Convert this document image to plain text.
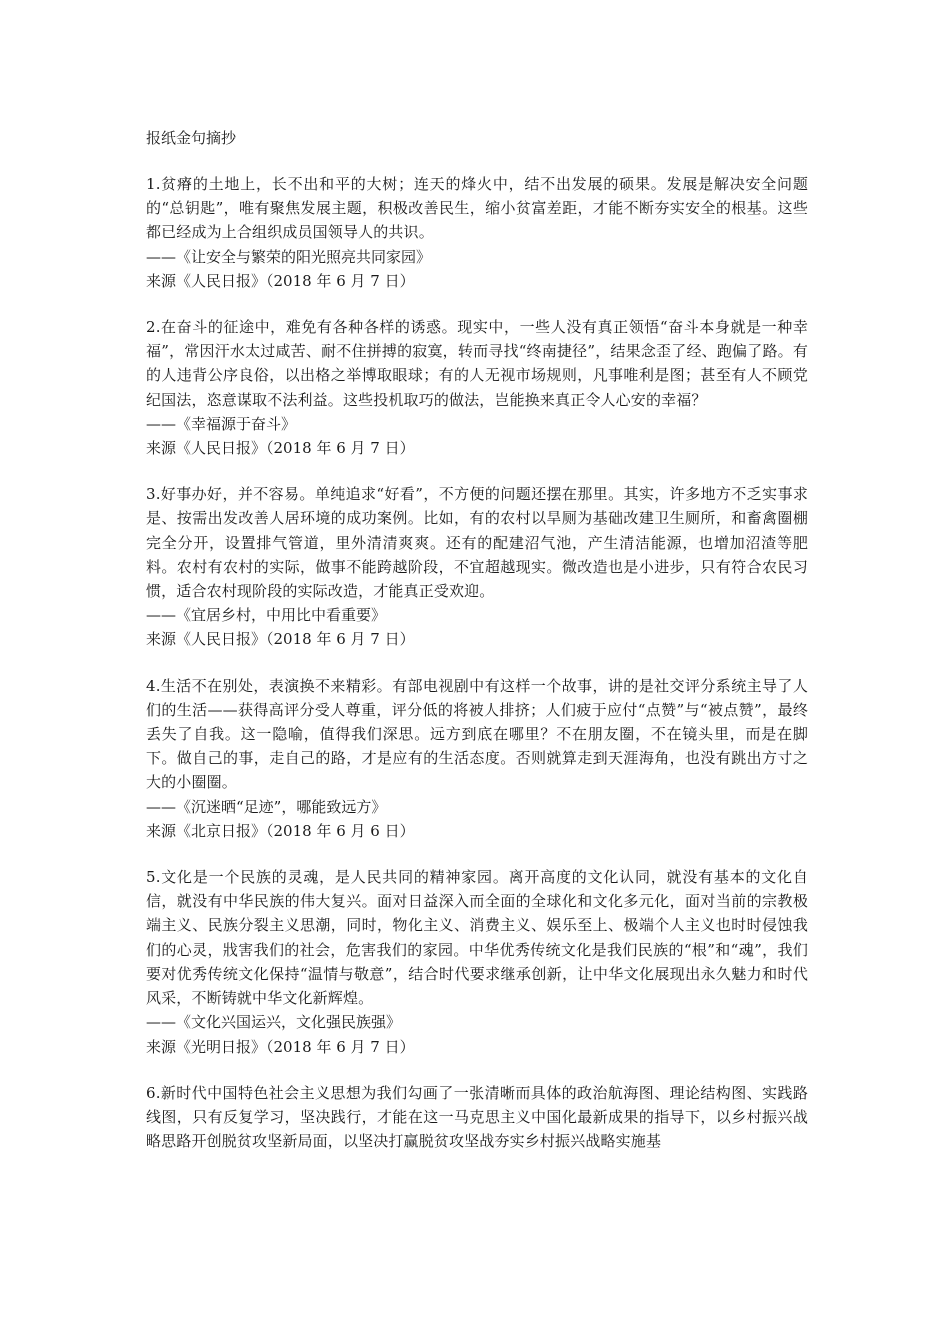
报纸金句摘抄

1.贫瘠的土地上，长不出和平的大树；连天的烽火中，结不出发展的硕果。发展是解决安全问题的“总钥匙”，唯有聚焦发展主题，积极改善民生，缩小贫富差距，才能不断夯实安全的根基。这些都已经成为上合组织成员国领导人的共识。

——《让安全与繁荣的阳光照亮共同家园》

来源《人民日报》（2018 年 6 月 7 日）

2.在奋斗的征途中，难免有各种各样的诱惑。现实中，一些人没有真正领悟“奋斗本身就是一种幸福”，常因汗水太过咸苦、耐不住拼搏的寂寞，转而寻找“终南捷径”，结果念歪了经、跑偏了路。有的人违背公序良俗，以出格之举博取眼球；有的人无视市场规则，凡事唯利是图；甚至有人不顾党纪国法，恣意谋取不法利益。这些投机取巧的做法，岂能换来真正令人心安的幸福？

——《幸福源于奋斗》

来源《人民日报》（2018 年 6 月 7 日）

3.好事办好，并不容易。单纯追求“好看”，不方便的问题还摆在那里。其实，许多地方不乏实事求是、按需出发改善人居环境的成功案例。比如，有的农村以旱厕为基础改建卫生厕所，和畜禽圈棚完全分开，设置排气管道，里外清清爽爽。还有的配建沼气池，产生清洁能源，也增加沼渣等肥料。农村有农村的实际，做事不能跨越阶段，不宜超越现实。微改造也是小进步，只有符合农民习惯，适合农村现阶段的实际改造，才能真正受欢迎。

——《宜居乡村，中用比中看重要》

来源《人民日报》（2018 年 6 月 7 日）

4.生活不在别处，表演换不来精彩。有部电视剧中有这样一个故事，讲的是社交评分系统主导了人们的生活——获得高评分受人尊重，评分低的将被人排挤；人们疲于应付“点赞”与“被点赞”，最终丢失了自我。这一隐喻，值得我们深思。远方到底在哪里？不在朋友圈，不在镜头里，而是在脚下。做自己的事，走自己的路，才是应有的生活态度。否则就算走到天涯海角，也没有跳出方寸之大的小圈圈。

——《沉迷晒“足迹”，哪能致远方》

来源《北京日报》（2018 年 6 月 6 日）

5.文化是一个民族的灵魂，是人民共同的精神家园。离开高度的文化认同，就没有基本的文化自信，就没有中华民族的伟大复兴。面对日益深入而全面的全球化和文化多元化，面对当前的宗教极端主义、民族分裂主义思潮，同时，物化主义、消费主义、娱乐至上、极端个人主义也时时侵蚀我们的心灵，戕害我们的社会，危害我们的家园。中华优秀传统文化是我们民族的“根”和“魂”，我们要对优秀传统文化保持“温情与敬意”，结合时代要求继承创新，让中华文化展现出永久魅力和时代风采，不断铸就中华文化新辉煌。

——《文化兴国运兴，文化强民族强》

来源《光明日报》（2018 年 6 月 7 日）

6.新时代中国特色社会主义思想为我们勾画了一张清晰而具体的政治航海图、理论结构图、实践路线图，只有反复学习，坚决践行，才能在这一马克思主义中国化最新成果的指导下，以乡村振兴战略思路开创脱贫攻坚新局面，以坚决打赢脱贫攻坚战夯实乡村振兴战略实施基
